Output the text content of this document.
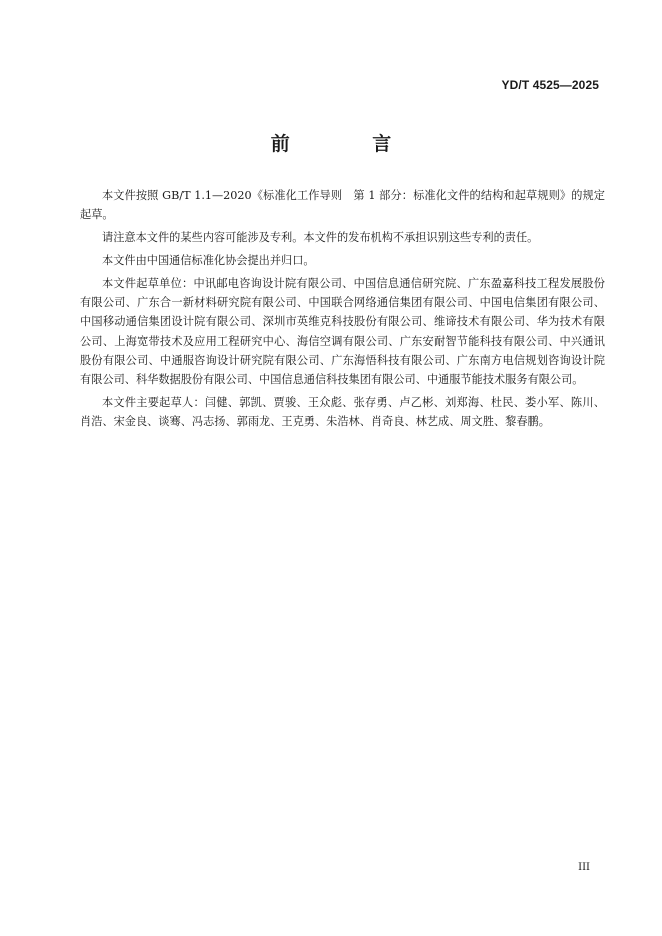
YD/T 4525—2025
前 言

本文件按照 GB/T 1.1—2020《标准化工作导则　第 1 部分：标准化文件的结构和起草规则》的规定起草。

请注意本文件的某些内容可能涉及专利。本文件的发布机构不承担识别这些专利的责任。

本文件由中国通信标准化协会提出并归口。

本文件起草单位：中讯邮电咨询设计院有限公司、中国信息通信研究院、广东盈嘉科技工程发展股份有限公司、广东合一新材料研究院有限公司、中国联合网络通信集团有限公司、中国电信集团有限公司、中国移动通信集团设计院有限公司、深圳市英维克科技股份有限公司、维谛技术有限公司、华为技术有限公司、上海宽带技术及应用工程研究中心、海信空调有限公司、广东安耐智节能科技有限公司、中兴通讯股份有限公司、中通服咨询设计研究院有限公司、广东海悟科技有限公司、广东南方电信规划咨询设计院有限公司、科华数据股份有限公司、中国信息通信科技集团有限公司、中通服节能技术服务有限公司。

本文件主要起草人：闫健、郭凯、贾骏、王众彪、张存勇、卢乙彬、刘郑海、杜民、娄小军、陈川、肖浩、宋金良、谈骞、冯志扬、郭雨龙、王克勇、朱浩林、肖奇良、林艺成、周文胜、黎春鹏。

III
